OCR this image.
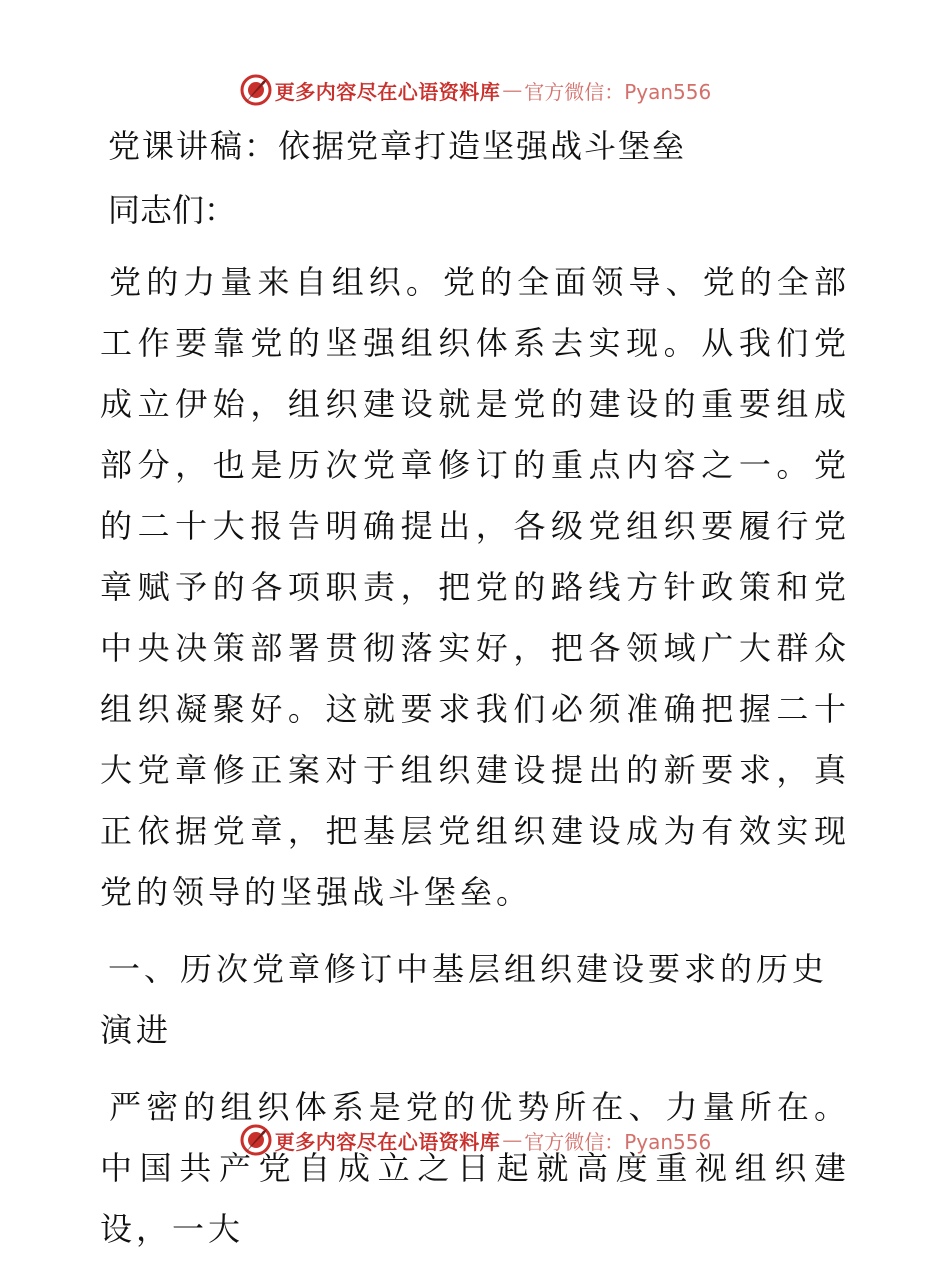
更多内容尽在心语资料库 — 官方微信：Pyan556
党课讲稿：依据党章打造坚强战斗堡垒
同志们：
党的力量来自组织。党的全面领导、党的全部工作要靠党的坚强组织体系去实现。从我们党成立伊始，组织建设就是党的建设的重要组成部分，也是历次党章修订的重点内容之一。党的二十大报告明确提出，各级党组织要履行党章赋予的各项职责，把党的路线方针政策和党中央决策部署贯彻落实好，把各领域广大群众组织凝聚好。这就要求我们必须准确把握二十大党章修正案对于组织建设提出的新要求，真正依据党章，把基层党组织建设成为有效实现党的领导的坚强战斗堡垒。
一、历次党章修订中基层组织建设要求的历史演进
严密的组织体系是党的优势所在、力量所在。中国共产党自成立之日起就高度重视组织建设，一大
更多内容尽在心语资料库 — 官方微信：Pyan556
